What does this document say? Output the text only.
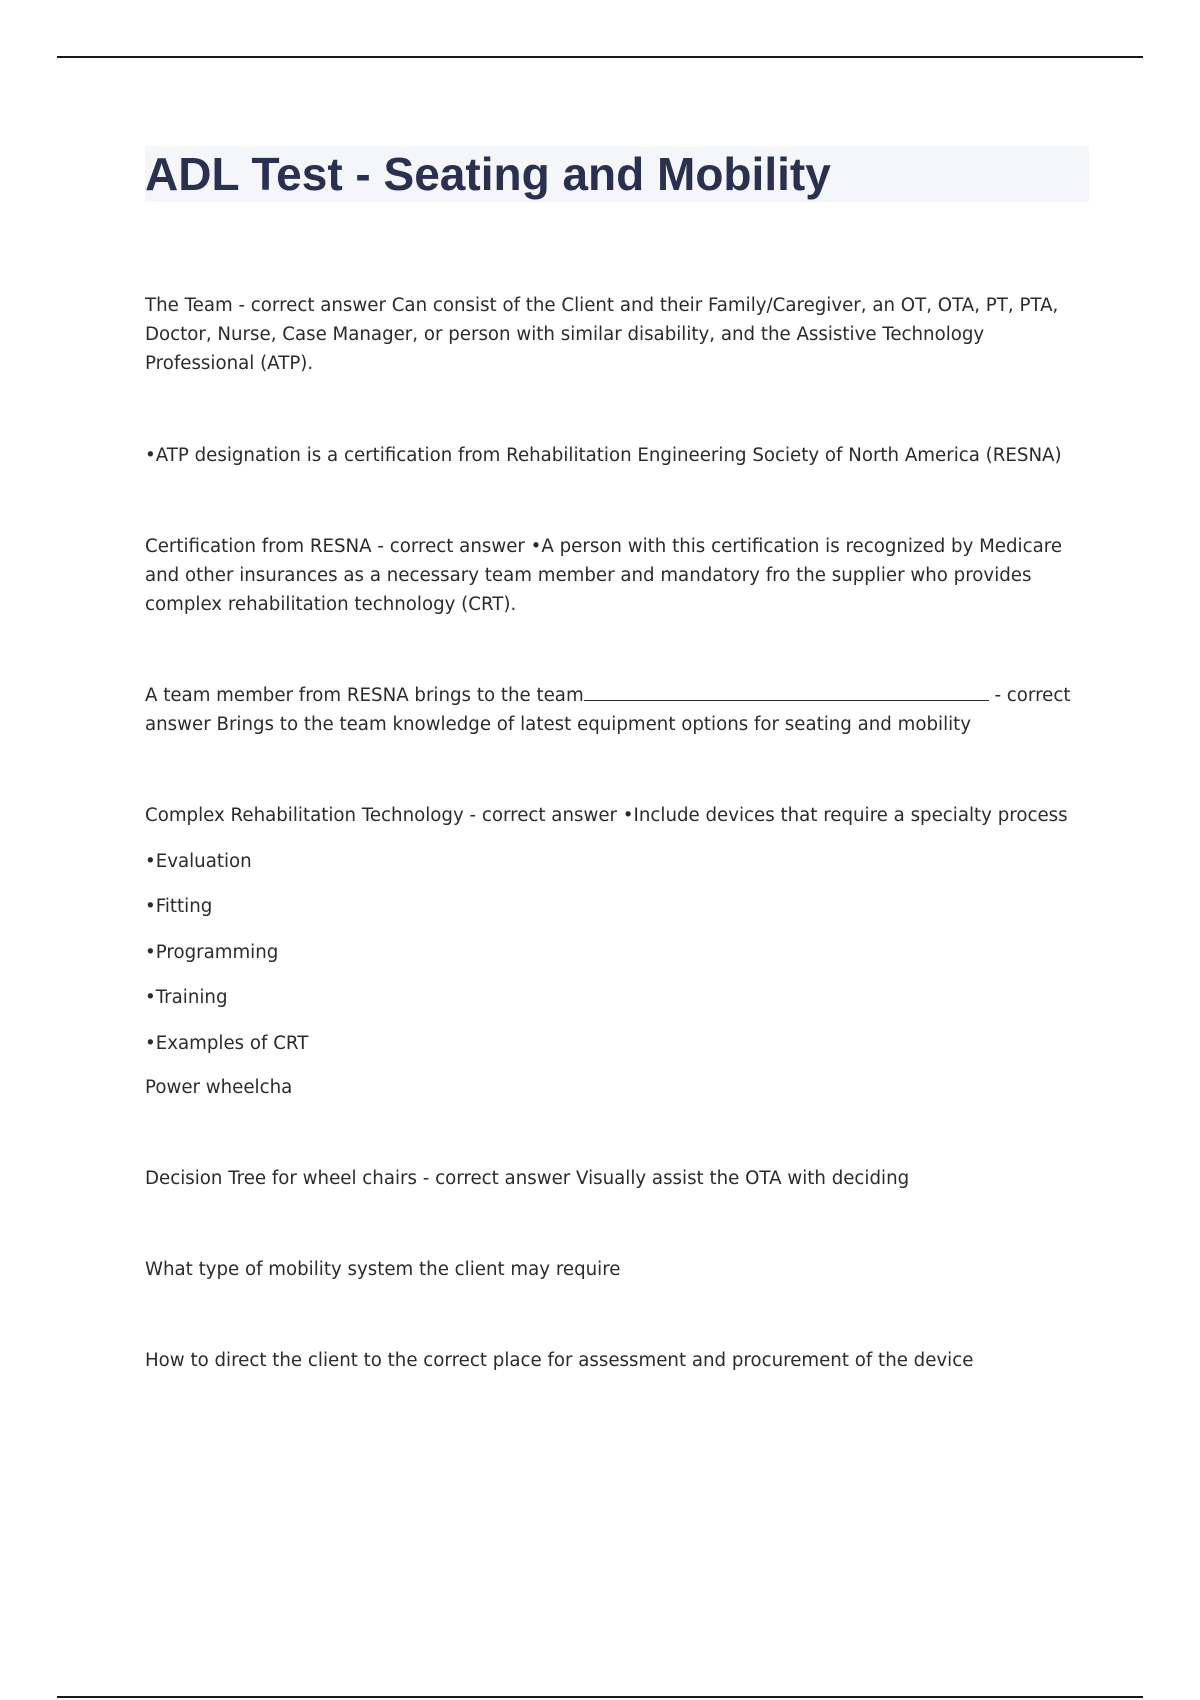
ADL Test - Seating and Mobility

The Team - correct answer Can consist of the Client and their Family/Caregiver, an OT, OTA, PT, PTA, Doctor, Nurse, Case Manager, or person with similar disability, and the Assistive Technology Professional (ATP).

•ATP designation is a certification from Rehabilitation Engineering Society of North America (RESNA)

Certification from RESNA - correct answer •A person with this certification is recognized by Medicare and other insurances as a necessary team member and mandatory fro the supplier who provides complex rehabilitation technology (CRT).

A team member from RESNA brings to the team	- correct answer Brings to the team knowledge of latest equipment options for seating and mobility

Complex Rehabilitation Technology - correct answer •Include devices that require a specialty process

•Evaluation

•Fitting

•Programming

•Training

•Examples of CRT

Power wheelcha

Decision Tree for wheel chairs - correct answer Visually assist the OTA with deciding

What type of mobility system the client may require

How to direct the client to the correct place for assessment and procurement of the device
